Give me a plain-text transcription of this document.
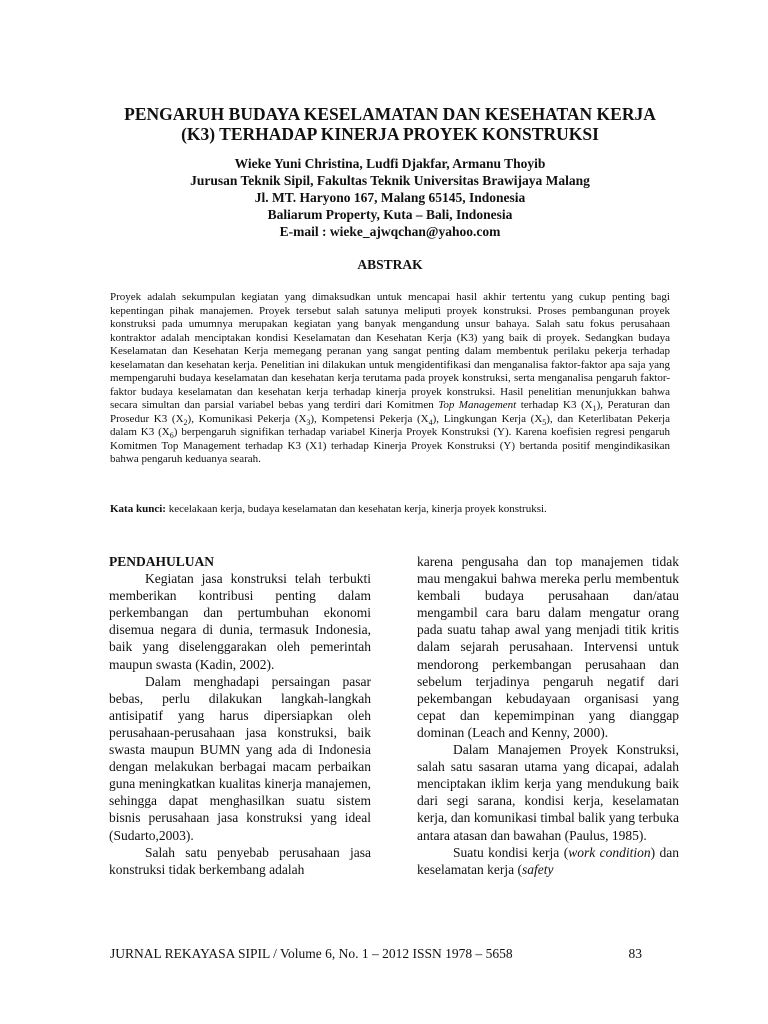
PENGARUH BUDAYA KESELAMATAN DAN KESEHATAN KERJA
(K3) TERHADAP KINERJA PROYEK KONSTRUKSI
Wieke Yuni Christina, Ludfi Djakfar, Armanu Thoyib
Jurusan Teknik Sipil, Fakultas Teknik Universitas Brawijaya Malang
Jl. MT. Haryono 167, Malang 65145, Indonesia
Baliarum Property, Kuta – Bali, Indonesia
E-mail : wieke_ajwqchan@yahoo.com
ABSTRAK

Proyek adalah sekumpulan kegiatan yang dimaksudkan untuk mencapai hasil akhir tertentu yang cukup penting bagi kepentingan pihak manajemen. Proyek tersebut salah satunya meliputi proyek konstruksi. Proses pembangunan proyek konstruksi pada umumnya merupakan kegiatan yang banyak mengandung unsur bahaya. Salah satu fokus perusahaan kontraktor adalah menciptakan kondisi Keselamatan dan Kesehatan Kerja (K3) yang baik di proyek. Sedangkan budaya Keselamatan dan Kesehatan Kerja memegang peranan yang sangat penting dalam membentuk perilaku pekerja terhadap keselamatan dan kesehatan kerja. Penelitian ini dilakukan untuk mengidentifikasi dan menganalisa faktor-faktor apa saja yang mempengaruhi budaya keselamatan dan kesehatan kerja terutama pada proyek konstruksi, serta menganalisa pengaruh faktor-faktor budaya keselamatan dan kesehatan kerja terhadap kinerja proyek konstruksi. Hasil penelitian menunjukkan bahwa secara simultan dan parsial variabel bebas yang terdiri dari Komitmen Top Management terhadap K3 $(X_1)$, Peraturan dan Prosedur K3 $(X_2)$, Komunikasi Pekerja $(X_3)$, Kompetensi Pekerja $(X_4)$, Lingkungan Kerja $(X_5)$, dan Keterlibatan Pekerja dalam K3 $(X_6)$ berpengaruh signifikan terhadap variabel Kinerja Proyek Konstruksi (Y). Karena koefisien regresi pengaruh Komitmen Top Management terhadap K3 (X1) terhadap Kinerja Proyek Konstruksi (Y) bertanda positif mengindikasikan bahwa pengaruh keduanya searah.

Kata kunci: kecelakaan kerja, budaya keselamatan dan kesehatan kerja, kinerja proyek konstruksi.

PENDAHULUAN

Kegiatan jasa konstruksi telah terbukti memberikan kontribusi penting dalam perkembangan dan pertumbuhan ekonomi disemua negara di dunia, termasuk Indonesia, baik yang diselenggarakan oleh pemerintah maupun swasta (Kadin, 2002).

Dalam menghadapi persaingan pasar bebas, perlu dilakukan langkah-langkah antisipatif yang harus dipersiapkan oleh perusahaan-perusahaan jasa konstruksi, baik swasta maupun BUMN yang ada di Indonesia dengan melakukan berbagai macam perbaikan guna meningkatkan kualitas kinerja manajemen, sehingga dapat menghasilkan suatu sistem bisnis perusahaan jasa konstruksi yang ideal (Sudarto,2003).

Salah satu penyebab perusahaan jasa konstruksi tidak berkembang adalah

karena pengusaha dan top manajemen tidak mau mengakui bahwa mereka perlu membentuk kembali budaya perusahaan dan/atau mengambil cara baru dalam mengatur orang pada suatu tahap awal yang menjadi titik kritis dalam sejarah perusahaan. Intervensi untuk mendorong perkembangan perusahaan dan sebelum terjadinya pengaruh negatif dari pekembangan kebudayaan organisasi yang cepat dan kepemimpinan yang dianggap dominan (Leach and Kenny, 2000).

Dalam Manajemen Proyek Konstruksi, salah satu sasaran utama yang dicapai, adalah menciptakan iklim kerja yang mendukung baik dari segi sarana, kondisi kerja, keselamatan kerja, dan komunikasi timbal balik yang terbuka antara atasan dan bawahan (Paulus, 1985).

Suatu kondisi kerja (work condition) dan keselamatan kerja (safety

JURNAL REKAYASA SIPIL / Volume 6, No. 1 – 2012 ISSN 1978 – 5658	83
